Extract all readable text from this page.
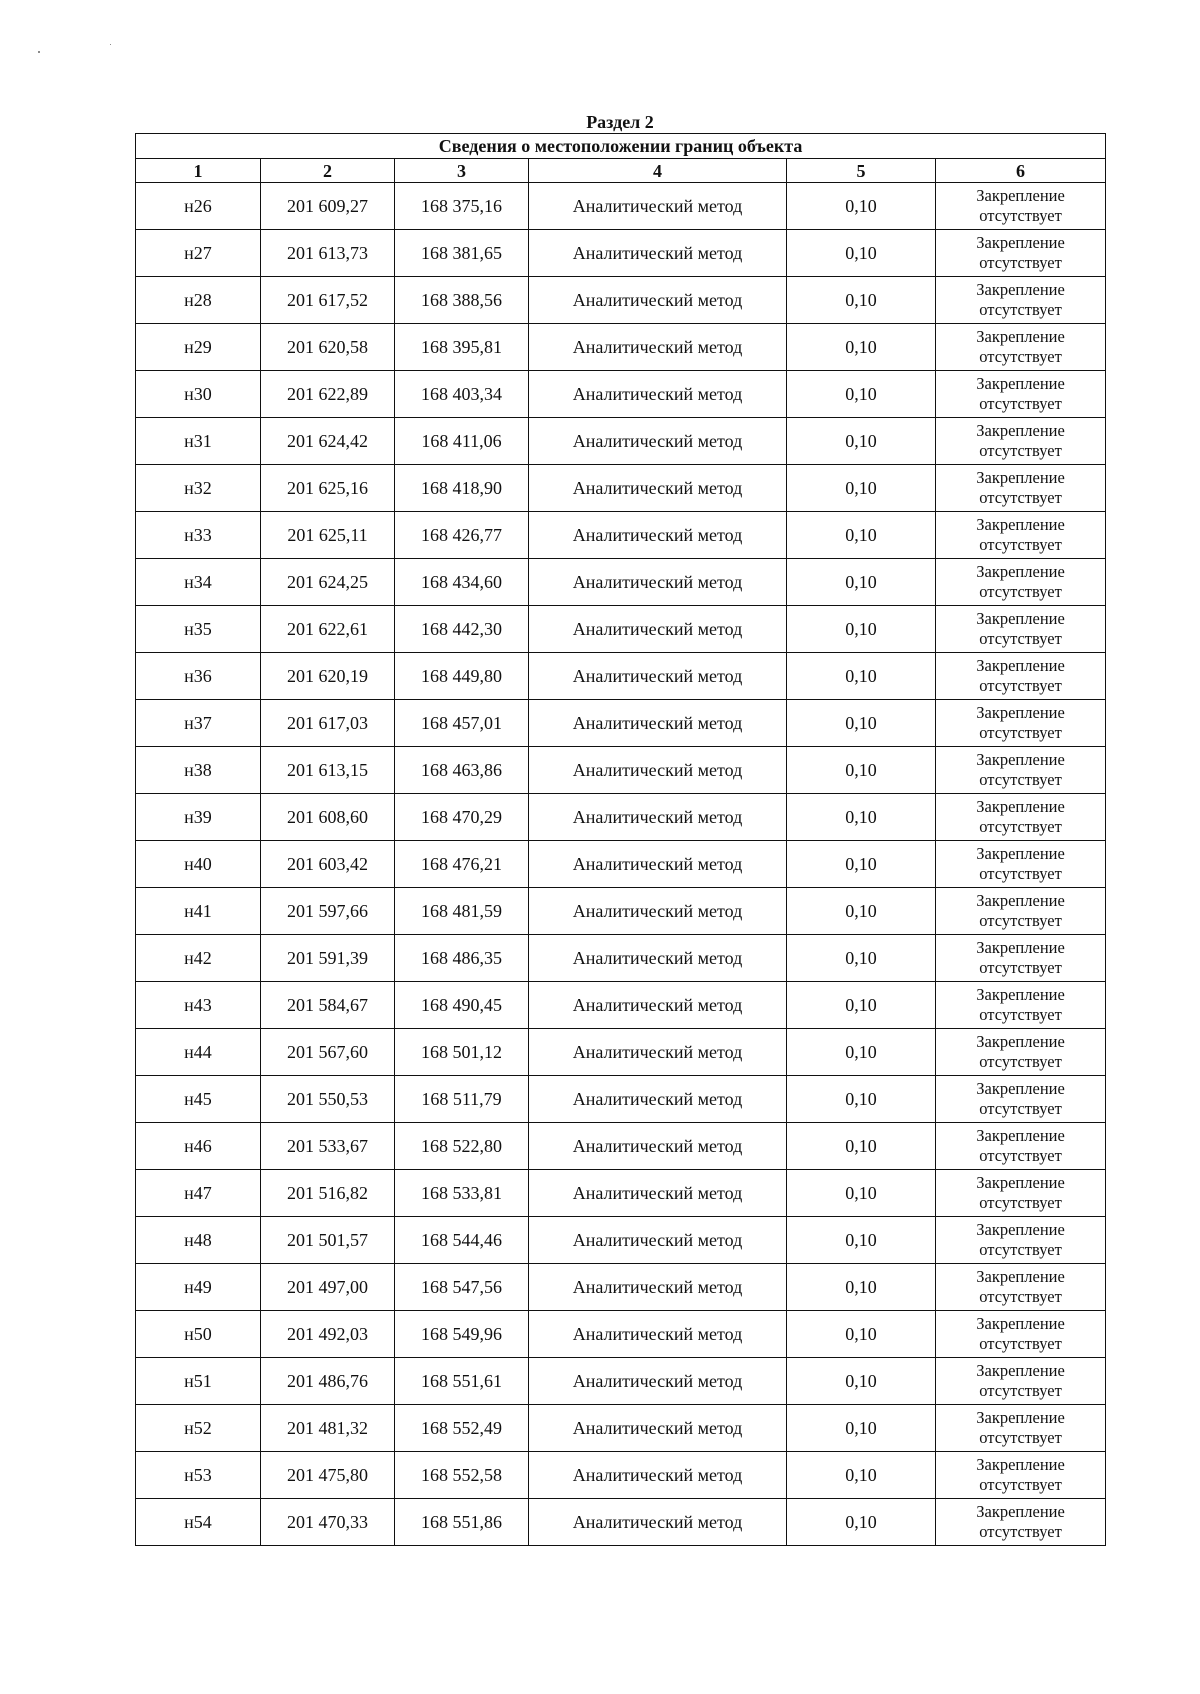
Раздел 2
Сведения о местоположении границ объекта					
1	2	3	4	5	6
н26	201 609,27	168 375,16	Аналитический метод	0,10	Закрепление
отсутствует

н27	201 613,73	168 381,65	Аналитический метод	0,10	Закрепление
отсутствует

н28	201 617,52	168 388,56	Аналитический метод	0,10	Закрепление
отсутствует

н29	201 620,58	168 395,81	Аналитический метод	0,10	Закрепление
отсутствует

н30	201 622,89	168 403,34	Аналитический метод	0,10	Закрепление
отсутствует

н31	201 624,42	168 411,06	Аналитический метод	0,10	Закрепление
отсутствует

н32	201 625,16	168 418,90	Аналитический метод	0,10	Закрепление
отсутствует

н33	201 625,11	168 426,77	Аналитический метод	0,10	Закрепление
отсутствует

н34	201 624,25	168 434,60	Аналитический метод	0,10	Закрепление
отсутствует

н35	201 622,61	168 442,30	Аналитический метод	0,10	Закрепление
отсутствует

н36	201 620,19	168 449,80	Аналитический метод	0,10	Закрепление
отсутствует

н37	201 617,03	168 457,01	Аналитический метод	0,10	Закрепление
отсутствует

н38	201 613,15	168 463,86	Аналитический метод	0,10	Закрепление
отсутствует

н39	201 608,60	168 470,29	Аналитический метод	0,10	Закрепление
отсутствует

н40	201 603,42	168 476,21	Аналитический метод	0,10	Закрепление
отсутствует

н41	201 597,66	168 481,59	Аналитический метод	0,10	Закрепление
отсутствует

н42	201 591,39	168 486,35	Аналитический метод	0,10	Закрепление
отсутствует

н43	201 584,67	168 490,45	Аналитический метод	0,10	Закрепление
отсутствует

н44	201 567,60	168 501,12	Аналитический метод	0,10	Закрепление
отсутствует

н45	201 550,53	168 511,79	Аналитический метод	0,10	Закрепление
отсутствует

н46	201 533,67	168 522,80	Аналитический метод	0,10	Закрепление
отсутствует

н47	201 516,82	168 533,81	Аналитический метод	0,10	Закрепление
отсутствует

н48	201 501,57	168 544,46	Аналитический метод	0,10	Закрепление
отсутствует

н49	201 497,00	168 547,56	Аналитический метод	0,10	Закрепление
отсутствует

н50	201 492,03	168 549,96	Аналитический метод	0,10	Закрепление
отсутствует

н51	201 486,76	168 551,61	Аналитический метод	0,10	Закрепление
отсутствует

н52	201 481,32	168 552,49	Аналитический метод	0,10	Закрепление
отсутствует

н53	201 475,80	168 552,58	Аналитический метод	0,10	Закрепление
отсутствует

н54	201 470,33	168 551,86	Аналитический метод	0,10	Закрепление
отсутствует
